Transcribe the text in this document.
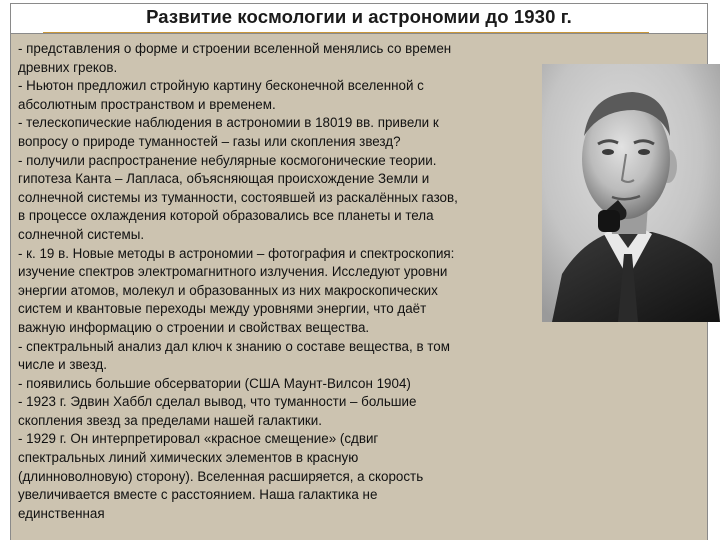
Развитие космологии и астрономии до 1930 г.
- представления о форме и строении вселенной менялись со времен
древних греков.
- Ньютон предложил стройную картину бесконечной вселенной с
абсолютным пространством и временем.
- телескопические наблюдения в астрономии в 18019 вв. привели к
вопросу о природе туманностей – газы или скопления звезд?
- получили распространение небулярные космогонические теории.
гипотеза Канта – Лапласа, объясняющая происхождение Земли и
солнечной системы из туманности, состоявшей из раскалённых газов,
в процессе охлаждения которой образовались все планеты и тела
солнечной системы.
- к. 19 в. Новые методы в астрономии – фотография и спектроскопия:
изучение спектров электромагнитного излучения. Исследуют уровни
энергии атомов, молекул и образованных из них макроскопических
систем и квантовые переходы между уровнями энергии, что даёт
важную информацию о строении и свойствах вещества.
- спектральный анализ дал ключ к знанию о составе вещества, в том
числе и звезд.
- появились большие обсерватории (США Маунт-Вилсон 1904)
- 1923 г. Эдвин Хаббл сделал вывод, что туманности – большие
скопления звезд за пределами нашей галактики.
- 1929 г. Он интерпретировал «красное смещение» (сдвиг
спектральных линий химических элементов в красную
(длинноволновую) сторону). Вселенная расширяется, а скорость
увеличивается вместе с расстоянием. Наша галактика не
единственная
